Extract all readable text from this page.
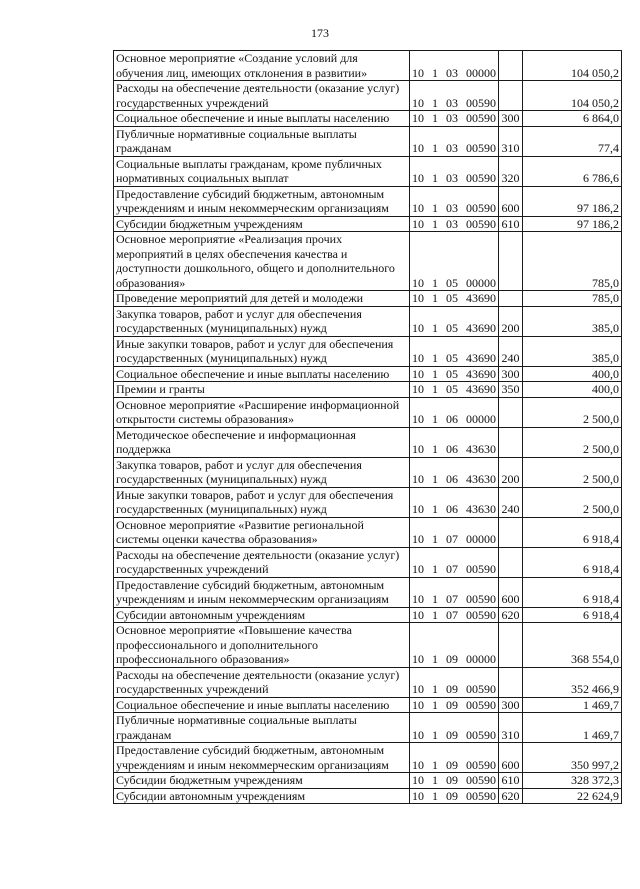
173
Основное мероприятие «Создание условий для обучения лиц, имеющих отклонения в развитии»	10 1 03 00000		104 050,2
Расходы на обеспечение деятельности (оказание услуг) государственных учреждений	10 1 03 00590		104 050,2
Социальное обеспечение и иные выплаты населению	10 1 03 00590	300	6 864,0
Публичные нормативные социальные выплаты гражданам	10 1 03 00590	310	77,4
Социальные выплаты гражданам, кроме публичных нормативных социальных выплат	10 1 03 00590	320	6 786,6
Предоставление субсидий бюджетным, автономным учреждениям и иным некоммерческим организациям	10 1 03 00590	600	97 186,2
Субсидии бюджетным учреждениям	10 1 03 00590	610	97 186,2
Основное мероприятие «Реализация прочих мероприятий в целях обеспечения качества и доступности дошкольного, общего и дополнительного образования»	10 1 05 00000		785,0
Проведение мероприятий для детей и молодежи	10 1 05 43690		785,0
Закупка товаров, работ и услуг для обеспечения государственных (муниципальных) нужд	10 1 05 43690	200	385,0
Иные закупки товаров, работ и услуг для обеспечения государственных (муниципальных) нужд	10 1 05 43690	240	385,0
Социальное обеспечение и иные выплаты населению	10 1 05 43690	300	400,0
Премии и гранты	10 1 05 43690	350	400,0
Основное мероприятие «Расширение информационной открытости системы образования»	10 1 06 00000		2 500,0
Методическое обеспечение и информационная поддержка	10 1 06 43630		2 500,0
Закупка товаров, работ и услуг для обеспечения государственных (муниципальных) нужд	10 1 06 43630	200	2 500,0
Иные закупки товаров, работ и услуг для обеспечения государственных (муниципальных) нужд	10 1 06 43630	240	2 500,0
Основное мероприятие «Развитие региональной системы оценки качества образования»	10 1 07 00000		6 918,4
Расходы на обеспечение деятельности (оказание услуг) государственных учреждений	10 1 07 00590		6 918,4
Предоставление субсидий бюджетным, автономным учреждениям и иным некоммерческим организациям	10 1 07 00590	600	6 918,4
Субсидии автономным учреждениям	10 1 07 00590	620	6 918,4
Основное мероприятие «Повышение качества профессионального и дополнительного профессионального образования»	10 1 09 00000		368 554,0
Расходы на обеспечение деятельности (оказание услуг) государственных учреждений	10 1 09 00590		352 466,9
Социальное обеспечение и иные выплаты населению	10 1 09 00590	300	1 469,7
Публичные нормативные социальные выплаты гражданам	10 1 09 00590	310	1 469,7
Предоставление субсидий бюджетным, автономным учреждениям и иным некоммерческим организациям	10 1 09 00590	600	350 997,2
Субсидии бюджетным учреждениям	10 1 09 00590	610	328 372,3
Субсидии автономным учреждениям	10 1 09 00590	620	22 624,9
